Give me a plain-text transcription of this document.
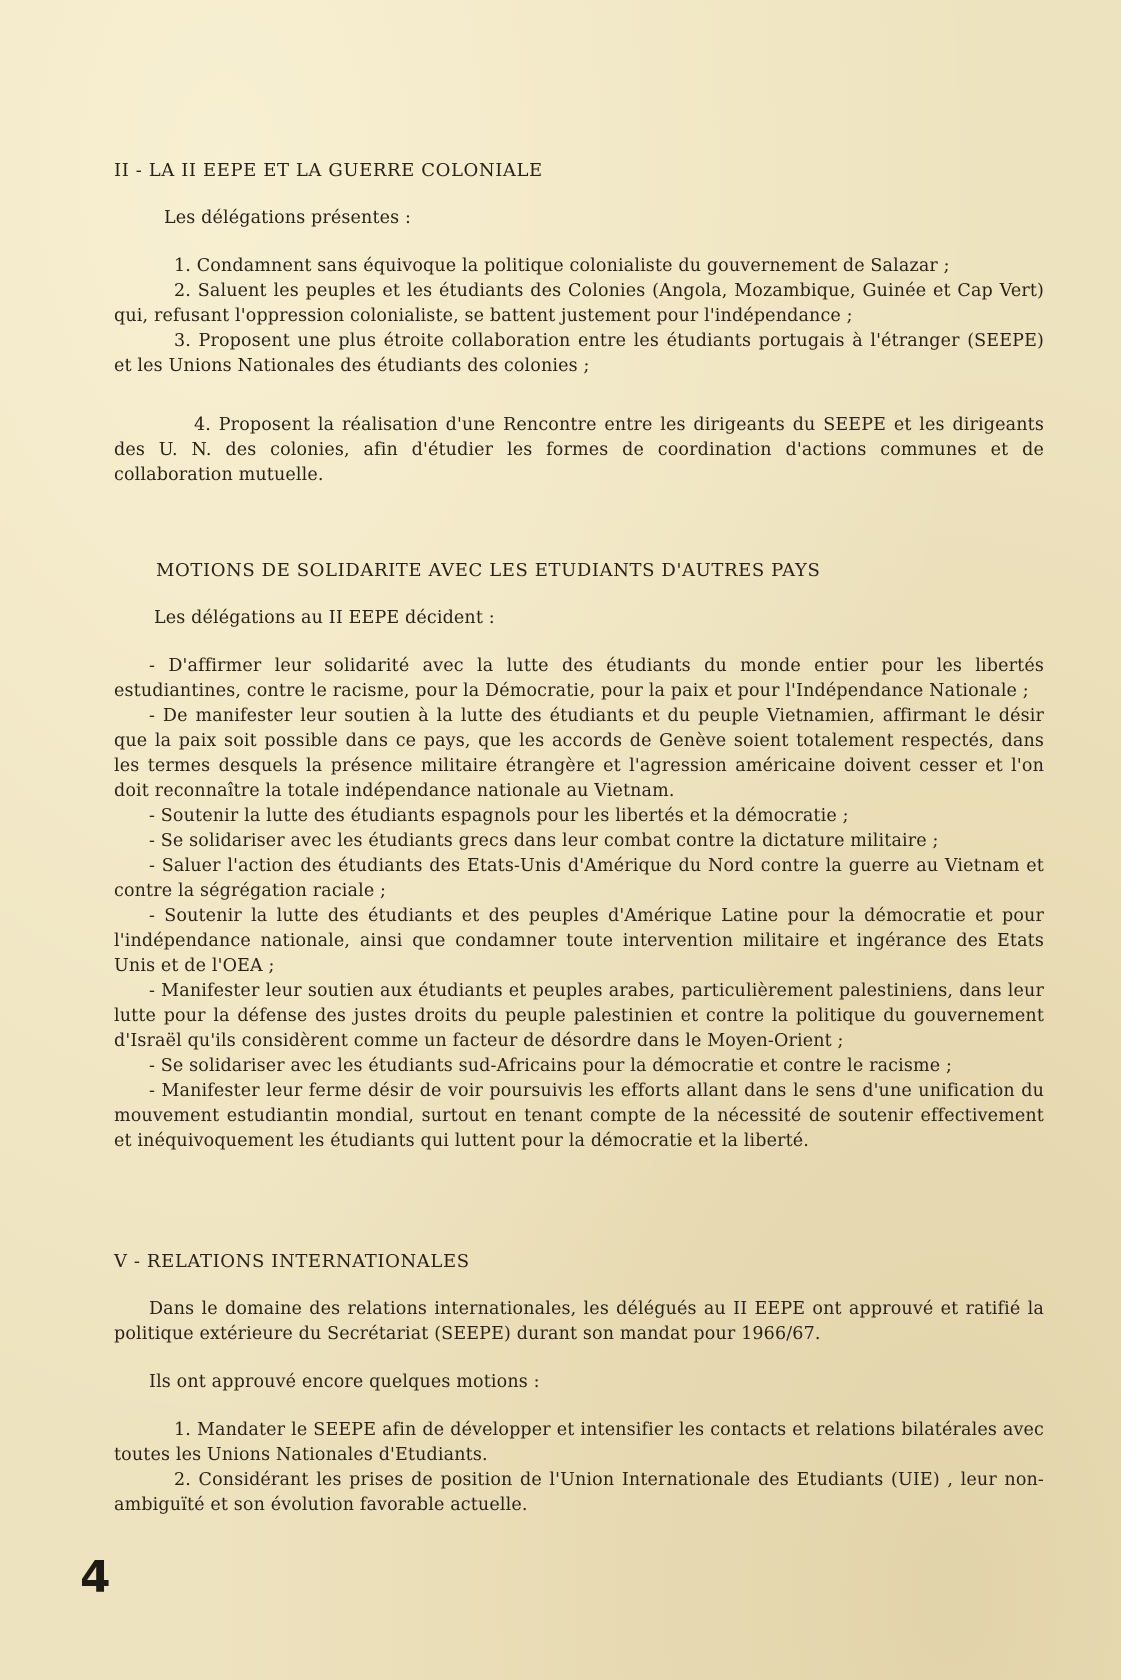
II - LA II EEPE ET LA GUERRE COLONIALE

Les délégations présentes :

1. Condamnent sans équivoque la politique colonialiste du gouvernement de Salazar ;

2. Saluent les peuples et les étudiants des Colonies (Angola, Mozambique, Guinée et Cap Vert) qui, refusant l'oppression colonialiste, se battent justement pour l'indépendance ;

3. Proposent une plus étroite collaboration entre les étudiants portugais à l'étranger (SEEPE) et les Unions Nationales des étudiants des colonies ;

4. Proposent la réalisation d'une Rencontre entre les dirigeants du SEEPE et les dirigeants des U. N. des colonies, afin d'étudier les formes de coordination d'actions communes et de collaboration mutuelle.

MOTIONS DE SOLIDARITE AVEC LES ETUDIANTS D'AUTRES PAYS

Les délégations au II EEPE décident :

- D'affirmer leur solidarité avec la lutte des étudiants du monde entier pour les libertés estudiantines, contre le racisme, pour la Démocratie, pour la paix et pour l'Indépendance Nationale ;

- De manifester leur soutien à la lutte des étudiants et du peuple Vietnamien, affirmant le désir que la paix soit possible dans ce pays, que les accords de Genève soient totalement respectés, dans les termes desquels la présence militaire étrangère et l'agression américaine doivent cesser et l'on doit reconnaître la totale indépendance nationale au Vietnam.

- Soutenir la lutte des étudiants espagnols pour les libertés et la démocratie ;

- Se solidariser avec les étudiants grecs dans leur combat contre la dictature militaire ;

- Saluer l'action des étudiants des Etats-Unis d'Amérique du Nord contre la guerre au Vietnam et contre la ségrégation raciale ;

- Soutenir la lutte des étudiants et des peuples d'Amérique Latine pour la démocratie et pour l'indépendance nationale, ainsi que condamner toute intervention militaire et ingérance des Etats Unis et de l'OEA ;

- Manifester leur soutien aux étudiants et peuples arabes, particulièrement palestiniens, dans leur lutte pour la défense des justes droits du peuple palestinien et contre la politique du gouvernement d'Israël qu'ils considèrent comme un facteur de désordre dans le Moyen-Orient ;

- Se solidariser avec les étudiants sud-Africains pour la démocratie et contre le racisme ;

- Manifester leur ferme désir de voir poursuivis les efforts allant dans le sens d'une unification du mouvement estudiantin mondial, surtout en tenant compte de la nécessité de soutenir effectivement et inéquivoquement les étudiants qui luttent pour la démocratie et la liberté.

V - RELATIONS INTERNATIONALES

Dans le domaine des relations internationales, les délégués au II EEPE ont approuvé et ratifié la politique extérieure du Secrétariat (SEEPE) durant son mandat pour 1966/67.

Ils ont approuvé encore quelques motions :

1. Mandater le SEEPE afin de développer et intensifier les contacts et relations bilatérales avec toutes les Unions Nationales d'Etudiants.

2. Considérant les prises de position de l'Union Internationale des Etudiants (UIE) , leur non-ambiguïté et son évolution favorable actuelle.

4
